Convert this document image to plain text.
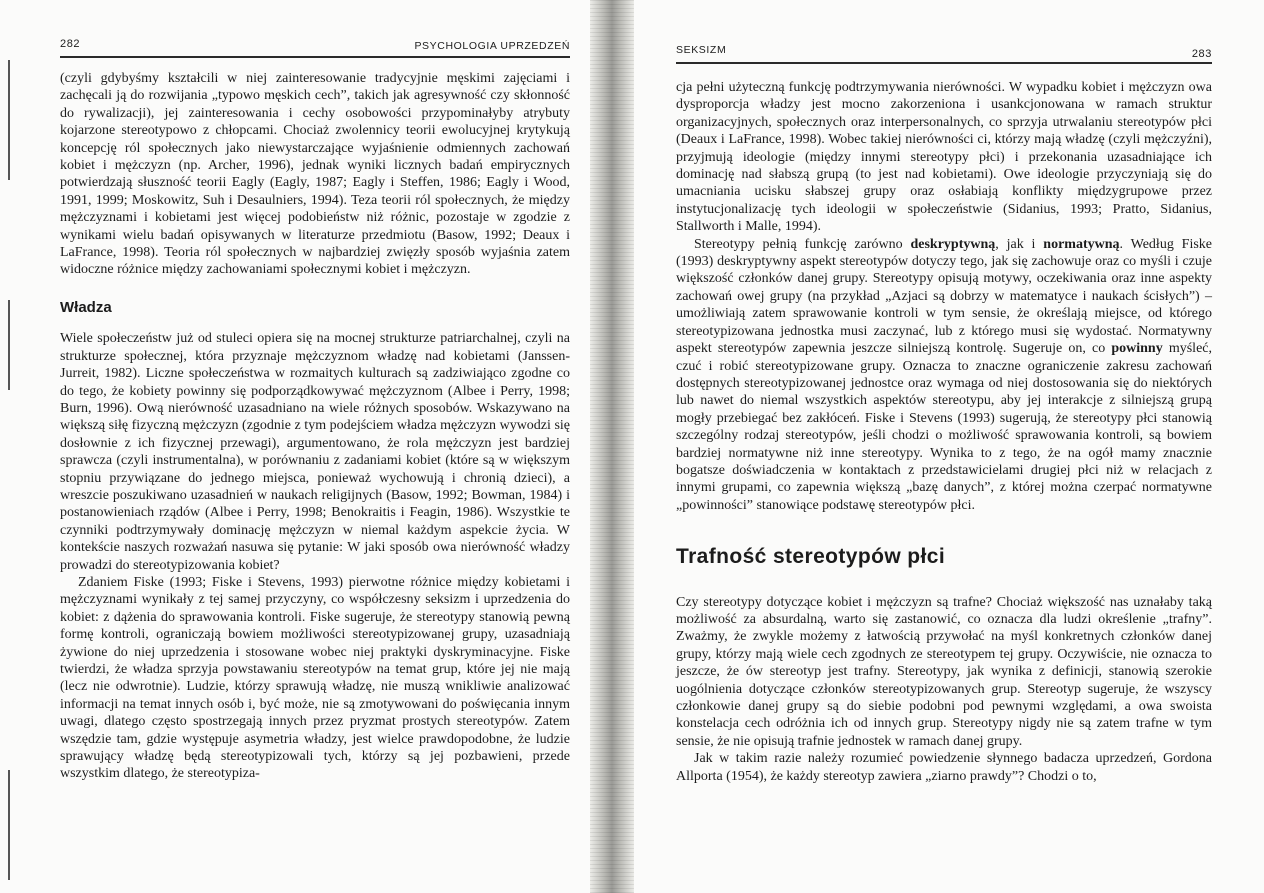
282	PSYCHOLOGIA UPRZEDZEŃ

(czyli gdybyśmy kształcili w niej zainteresowanie tradycyjnie męskimi zajęciami i zachęcali ją do rozwijania „typowo męskich cech”, takich jak agresywność czy skłonność do rywalizacji), jej zainteresowania i cechy osobowości przypominałyby atrybuty kojarzone stereotypowo z chłopcami. Chociaż zwolennicy teorii ewolucyjnej krytykują koncepcję ról społecznych jako niewystarczające wyjaśnienie odmiennych zachowań kobiet i mężczyzn (np. Archer, 1996), jednak wyniki licznych badań empirycznych potwierdzają słuszność teorii Eagly (Eagly, 1987; Eagly i Steffen, 1986; Eagly i Wood, 1991, 1999; Moskowitz, Suh i Desaulniers, 1994). Teza teorii ról społecznych, że między mężczyznami i kobietami jest więcej podobieństw niż różnic, pozostaje w zgodzie z wynikami wielu badań opisywanych w literaturze przedmiotu (Basow, 1992; Deaux i LaFrance, 1998). Teoria ról społecznych w najbardziej zwięzły sposób wyjaśnia zatem widoczne różnice między zachowaniami społecznymi kobiet i mężczyzn.

Władza

Wiele społeczeństw już od stuleci opiera się na mocnej strukturze patriarchalnej, czyli na strukturze społecznej, która przyznaje mężczyznom władzę nad kobietami (Janssen-Jurreit, 1982). Liczne społeczeństwa w rozmaitych kulturach są zadziwiająco zgodne co do tego, że kobiety powinny się podporządkowywać mężczyznom (Albee i Perry, 1998; Burn, 1996). Ową nierówność uzasadniano na wiele różnych sposobów. Wskazywano na większą siłę fizyczną mężczyzn (zgodnie z tym podejściem władza mężczyzn wywodzi się dosłownie z ich fizycznej przewagi), argumentowano, że rola mężczyzn jest bardziej sprawcza (czyli instrumentalna), w porównaniu z zadaniami kobiet (które są w większym stopniu przywiązane do jednego miejsca, ponieważ wychowują i chronią dzieci), a wreszcie poszukiwano uzasadnień w naukach religijnych (Basow, 1992; Bowman, 1984) i postanowieniach rządów (Albee i Perry, 1998; Benokraitis i Feagin, 1986). Wszystkie te czynniki podtrzymywały dominację mężczyzn w niemal każdym aspekcie życia. W kontekście naszych rozważań nasuwa się pytanie: W jaki sposób owa nierówność władzy prowadzi do stereotypizowania kobiet?

Zdaniem Fiske (1993; Fiske i Stevens, 1993) pierwotne różnice między kobietami i mężczyznami wynikały z tej samej przyczyny, co współczesny seksizm i uprzedzenia do kobiet: z dążenia do sprawowania kontroli. Fiske sugeruje, że stereotypy stanowią pewną formę kontroli, ograniczają bowiem możliwości stereotypizowanej grupy, uzasadniają żywione do niej uprzedzenia i stosowane wobec niej praktyki dyskryminacyjne. Fiske twierdzi, że władza sprzyja powstawaniu stereotypów na temat grup, które jej nie mają (lecz nie odwrotnie). Ludzie, którzy sprawują władzę, nie muszą wnikliwie analizować informacji na temat innych osób i, być może, nie są zmotywowani do poświęcania innym uwagi, dlatego często spostrzegają innych przez pryzmat prostych stereotypów. Zatem wszędzie tam, gdzie występuje asymetria władzy, jest wielce prawdopodobne, że ludzie sprawujący władzę będą stereotypizowali tych, którzy są jej pozbawieni, przede wszystkim dlatego, że stereotypiza-

SEKSIZM	283

cja pełni użyteczną funkcję podtrzymywania nierówności. W wypadku kobiet i mężczyzn owa dysproporcja władzy jest mocno zakorzeniona i usankcjonowana w ramach struktur organizacyjnych, społecznych oraz interpersonalnych, co sprzyja utrwalaniu stereotypów płci (Deaux i LaFrance, 1998). Wobec takiej nierówności ci, którzy mają władzę (czyli mężczyźni), przyjmują ideologie (między innymi stereotypy płci) i przekonania uzasadniające ich dominację nad słabszą grupą (to jest nad kobietami). Owe ideologie przyczyniają się do umacniania ucisku słabszej grupy oraz osłabiają konflikty międzygrupowe przez instytucjonalizację tych ideologii w społeczeństwie (Sidanius, 1993; Pratto, Sidanius, Stallworth i Malle, 1994).

Stereotypy pełnią funkcję zarówno deskryptywną, jak i normatywną. Według Fiske (1993) deskryptywny aspekt stereotypów dotyczy tego, jak się zachowuje oraz co myśli i czuje większość członków danej grupy. Stereotypy opisują motywy, oczekiwania oraz inne aspekty zachowań owej grupy (na przykład „Azjaci są dobrzy w matematyce i naukach ścisłych”) – umożliwiają zatem sprawowanie kontroli w tym sensie, że określają miejsce, od którego stereotypizowana jednostka musi zaczynać, lub z którego musi się wydostać. Normatywny aspekt stereotypów zapewnia jeszcze silniejszą kontrolę. Sugeruje on, co powinny myśleć, czuć i robić stereotypizowane grupy. Oznacza to znaczne ograniczenie zakresu zachowań dostępnych stereotypizowanej jednostce oraz wymaga od niej dostosowania się do niektórych lub nawet do niemal wszystkich aspektów stereotypu, aby jej interakcje z silniejszą grupą mogły przebiegać bez zakłóceń. Fiske i Stevens (1993) sugerują, że stereotypy płci stanowią szczególny rodzaj stereotypów, jeśli chodzi o możliwość sprawowania kontroli, są bowiem bardziej normatywne niż inne stereotypy. Wynika to z tego, że na ogół mamy znacznie bogatsze doświadczenia w kontaktach z przedstawicielami drugiej płci niż w relacjach z innymi grupami, co zapewnia większą „bazę danych”, z której można czerpać normatywne „powinności” stanowiące podstawę stereotypów płci.

Trafność stereotypów płci

Czy stereotypy dotyczące kobiet i mężczyzn są trafne? Chociaż większość nas uznałaby taką możliwość za absurdalną, warto się zastanowić, co oznacza dla ludzi określenie „trafny”. Zważmy, że zwykle możemy z łatwością przywołać na myśl konkretnych członków danej grupy, którzy mają wiele cech zgodnych ze stereotypem tej grupy. Oczywiście, nie oznacza to jeszcze, że ów stereotyp jest trafny. Stereotypy, jak wynika z definicji, stanowią szerokie uogólnienia dotyczące członków stereotypizowanych grup. Stereotyp sugeruje, że wszyscy członkowie danej grupy są do siebie podobni pod pewnymi względami, a owa swoista konstelacja cech odróżnia ich od innych grup. Stereotypy nigdy nie są zatem trafne w tym sensie, że nie opisują trafnie jednostek w ramach danej grupy.

Jak w takim razie należy rozumieć powiedzenie słynnego badacza uprzedzeń, Gordona Allporta (1954), że każdy stereotyp zawiera „ziarno prawdy”? Chodzi o to,
